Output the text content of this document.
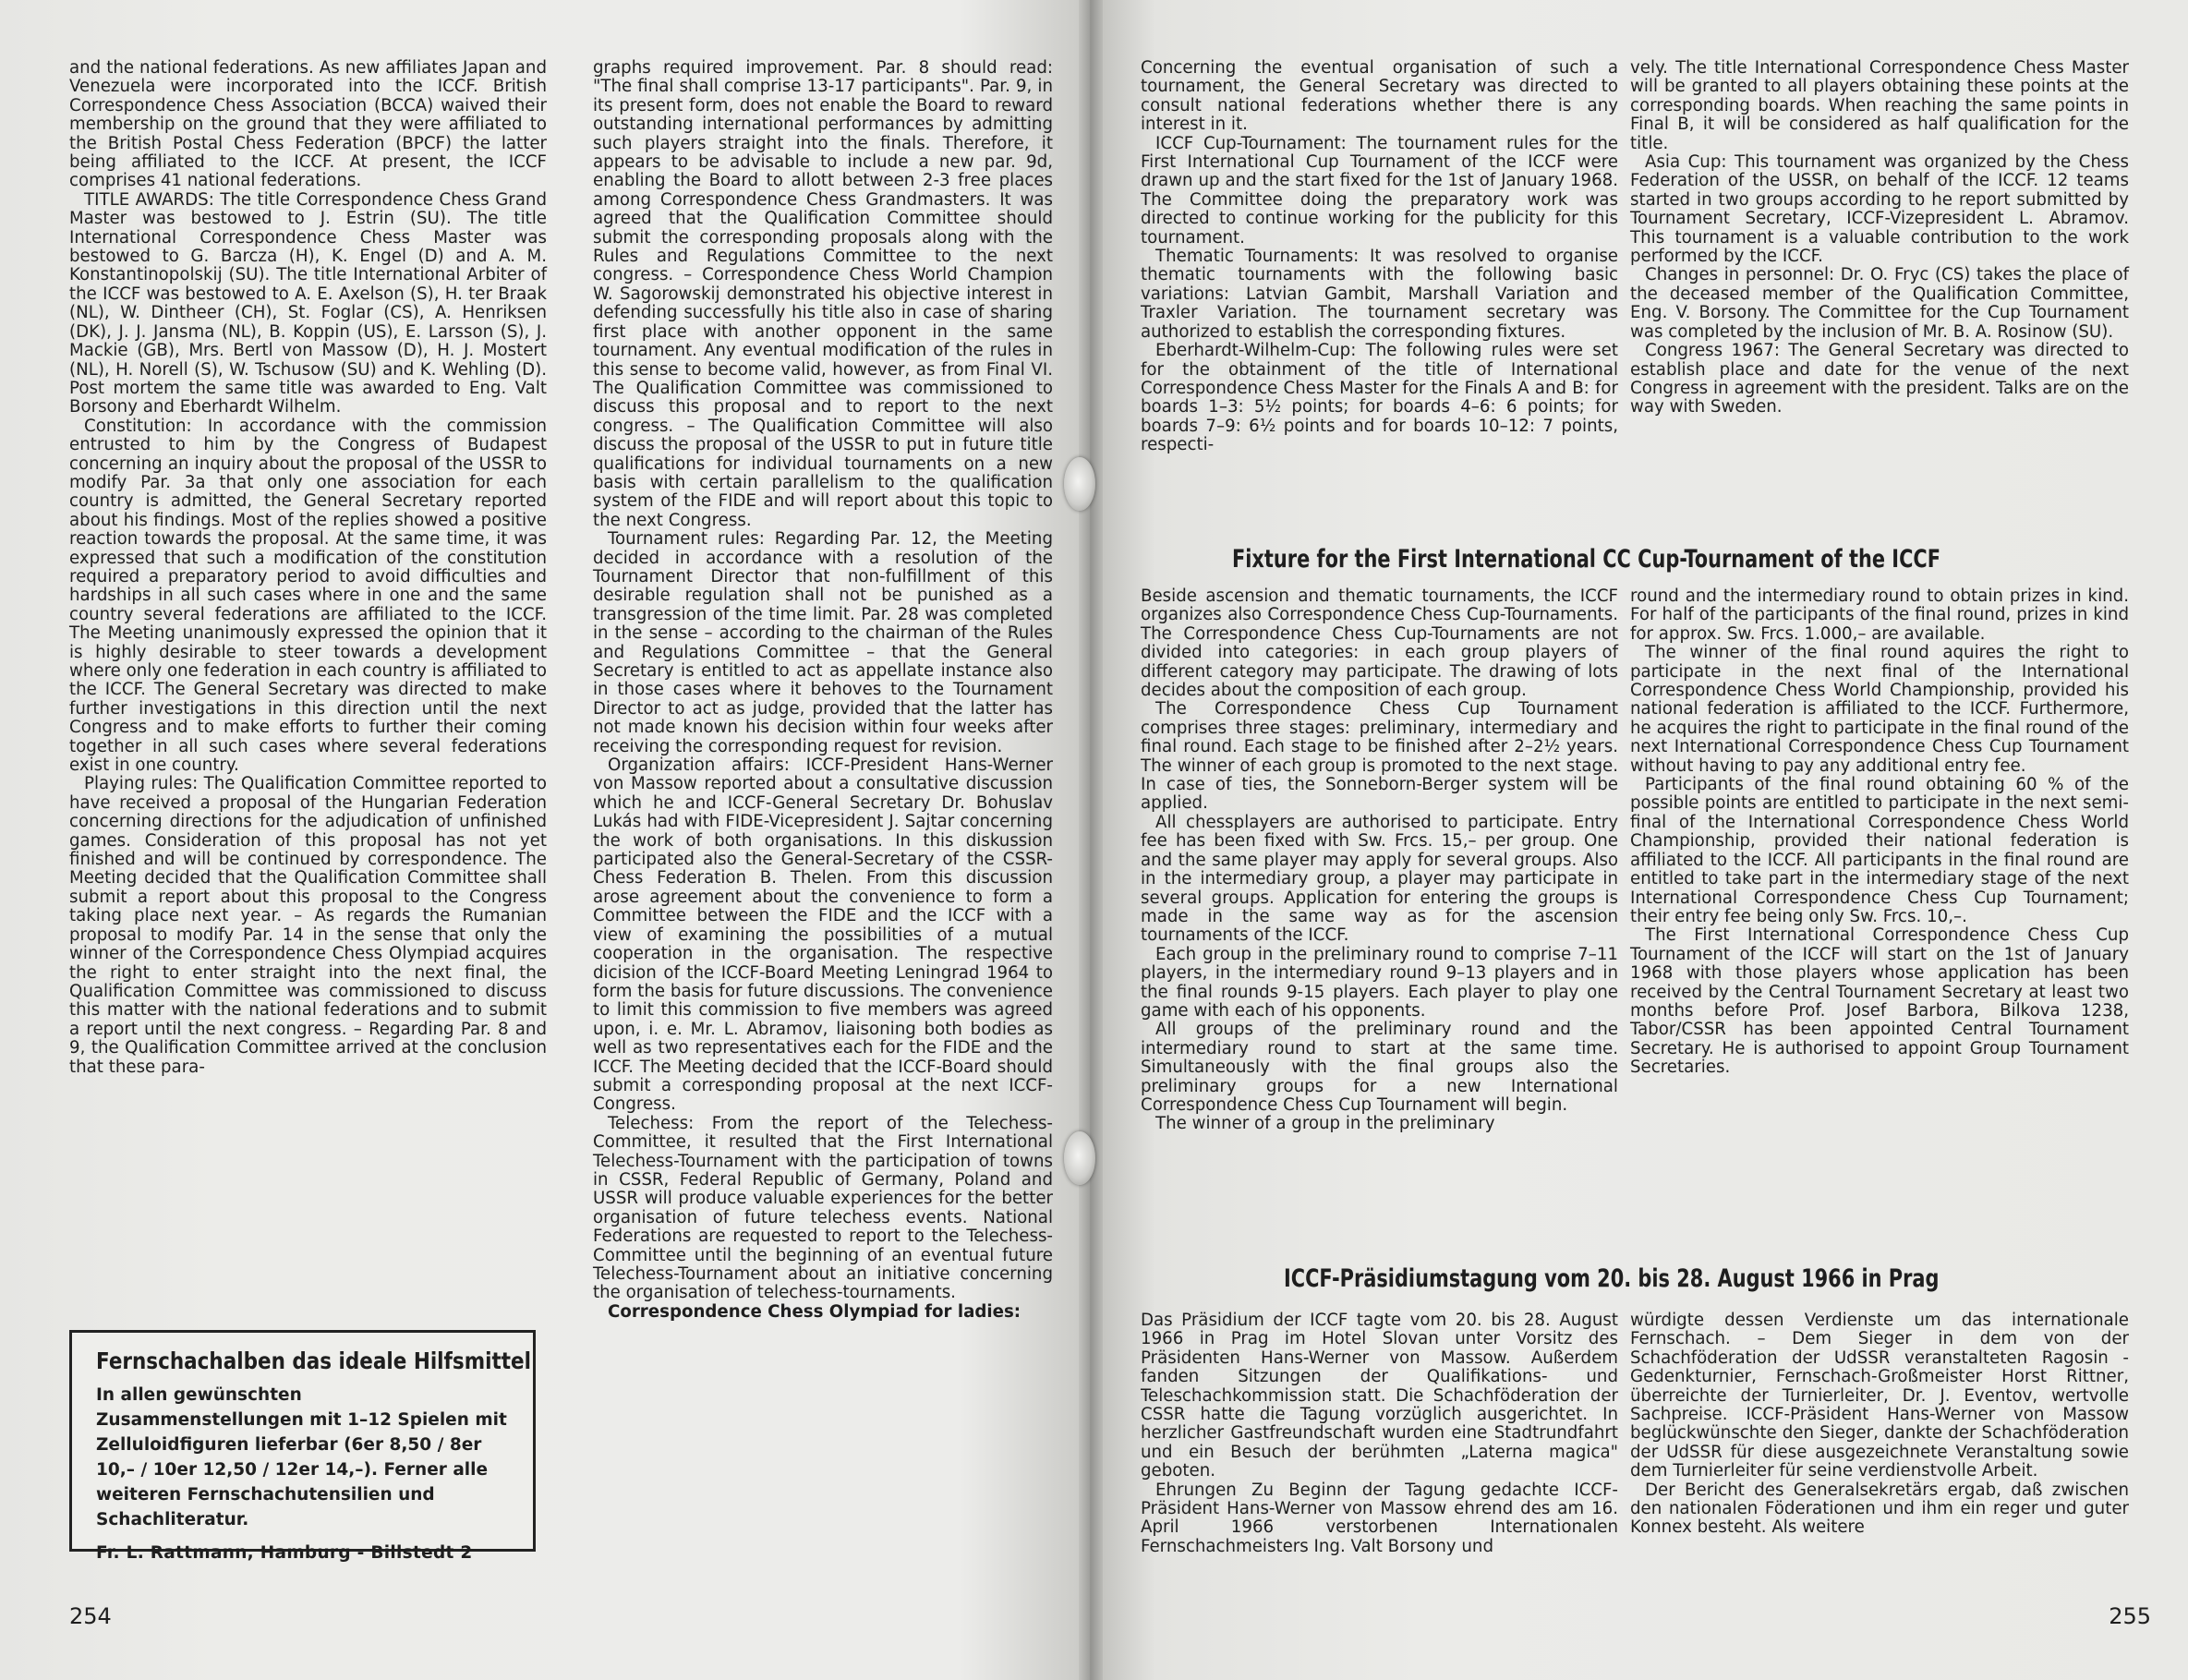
and the national federations. As new affiliates Japan and Venezuela were incorporated into the ICCF. British Correspondence Chess Association (BCCA) waived their membership on the ground that they were affiliated to the British Postal Chess Federation (BPCF) the latter being affiliated to the ICCF. At present, the ICCF comprises 41 national federations.

TITLE AWARDS: The title Correspondence Chess Grand Master was bestowed to J. Estrin (SU). The title International Correspondence Chess Master was bestowed to G. Barcza (H), K. Engel (D) and A. M. Konstantinopolskij (SU). The title International Arbiter of the ICCF was bestowed to A. E. Axelson (S), H. ter Braak (NL), W. Dintheer (CH), St. Foglar (CS), A. Henriksen (DK), J. J. Jansma (NL), B. Koppin (US), E. Larsson (S), J. Mackie (GB), Mrs. Bertl von Massow (D), H. J. Mostert (NL), H. Norell (S), W. Tschusow (SU) and K. Wehling (D). Post mortem the same title was awarded to Eng. Valt Borsony and Eberhardt Wilhelm.

Constitution: In accordance with the commission entrusted to him by the Congress of Budapest concerning an inquiry about the proposal of the USSR to modify Par. 3a that only one association for each country is admitted, the General Secretary reported about his findings. Most of the replies showed a positive reaction towards the proposal. At the same time, it was expressed that such a modification of the constitution required a preparatory period to avoid difficulties and hardships in all such cases where in one and the same country several federations are affiliated to the ICCF. The Meeting unanimously expressed the opinion that it is highly desirable to steer towards a development where only one federation in each country is affiliated to the ICCF. The General Secretary was directed to make further investigations in this direction until the next Congress and to make efforts to further their coming together in all such cases where several federations exist in one country.

Playing rules: The Qualification Committee reported to have received a proposal of the Hungarian Federation concerning directions for the adjudication of unfinished games. Consideration of this proposal has not yet finished and will be continued by correspondence. The Meeting decided that the Qualification Committee shall submit a report about this proposal to the Congress taking place next year. – As regards the Rumanian proposal to modify Par. 14 in the sense that only the winner of the Correspondence Chess Olympiad acquires the right to enter straight into the next final, the Qualification Committee was commissioned to discuss this matter with the national federations and to submit a report until the next congress. – Regarding Par. 8 and 9, the Qualification Committee arrived at the conclusion that these para-

graphs required improvement. Par. 8 should read: "The final shall comprise 13-17 participants". Par. 9, in its present form, does not enable the Board to reward outstanding international performances by admitting such players straight into the finals. Therefore, it appears to be advisable to include a new par. 9d, enabling the Board to allott between 2-3 free places among Correspondence Chess Grandmasters. It was agreed that the Qualification Committee should submit the corresponding proposals along with the Rules and Regulations Committee to the next congress. – Correspondence Chess World Champion W. Sagorowskij demonstrated his objective interest in defending successfully his title also in case of sharing first place with another opponent in the same tournament. Any eventual modification of the rules in this sense to become valid, however, as from Final VI. The Qualification Committee was commissioned to discuss this proposal and to report to the next congress. – The Qualification Committee will also discuss the proposal of the USSR to put in future title qualifications for individual tournaments on a new basis with certain parallelism to the qualification system of the FIDE and will report about this topic to the next Congress.

Tournament rules: Regarding Par. 12, the Meeting decided in accordance with a resolution of the Tournament Director that non-fulfillment of this desirable regulation shall not be punished as a transgression of the time limit. Par. 28 was completed in the sense – according to the chairman of the Rules and Regulations Committee – that the General Secretary is entitled to act as appellate instance also in those cases where it behoves to the Tournament Director to act as judge, provided that the latter has not made known his decision within four weeks after receiving the corresponding request for revision.

Organization affairs: ICCF-President Hans-Werner von Massow reported about a consultative discussion which he and ICCF-General Secretary Dr. Bohuslav Lukás had with FIDE-Vicepresident J. Sajtar concerning the work of both organisations. In this diskussion participated also the General-Secretary of the CSSR-Chess Federation B. Thelen. From this discussion arose agreement about the convenience to form a Committee between the FIDE and the ICCF with a view of examining the possibilities of a mutual cooperation in the organisation. The respective dicision of the ICCF-Board Meeting Leningrad 1964 to form the basis for future discussions. The convenience to limit this commission to five members was agreed upon, i. e. Mr. L. Abramov, liaisoning both bodies as well as two representatives each for the FIDE and the ICCF. The Meeting decided that the ICCF-Board should submit a corresponding proposal at the next ICCF-Congress.

Telechess: From the report of the Telechess-Committee, it resulted that the First International Telechess-Tournament with the participation of towns in CSSR, Federal Republic of Germany, Poland and USSR will produce valuable experiences for the better organisation of future telechess events. National Federations are requested to report to the Telechess-Committee until the beginning of an eventual future Telechess-Tournament about an initiative concerning the organisation of telechess-tournaments.

Correspondence Chess Olympiad for ladies:

Fernschachalben das ideale Hilfsmittel
In allen gewünschten Zusammenstellungen mit 1–12 Spielen mit Zelluloidfiguren lieferbar (6er 8,50 / 8er 10,– / 10er 12,50 / 12er 14,–). Ferner alle weiteren Fernschachutensilien und Schachliteratur.
Fr. L. Rattmann, Hamburg - Billstedt 2
254

Concerning the eventual organisation of such a tournament, the General Secretary was directed to consult national federations whether there is any interest in it.

ICCF Cup-Tournament: The tournament rules for the First International Cup Tournament of the ICCF were drawn up and the start fixed for the 1st of January 1968. The Committee doing the preparatory work was directed to continue working for the publicity for this tournament.

Thematic Tournaments: It was resolved to organise thematic tournaments with the following basic variations: Latvian Gambit, Marshall Variation and Traxler Variation. The tournament secretary was authorized to establish the corresponding fixtures.

Eberhardt-Wilhelm-Cup: The following rules were set for the obtainment of the title of International Correspondence Chess Master for the Finals A and B: for boards 1–3: 5½ points; for boards 4–6: 6 points; for boards 7–9: 6½ points and for boards 10–12: 7 points, respecti-

vely. The title International Correspondence Chess Master will be granted to all players obtaining these points at the corresponding boards. When reaching the same points in Final B, it will be considered as half qualification for the title.

Asia Cup: This tournament was organized by the Chess Federation of the USSR, on behalf of the ICCF. 12 teams started in two groups according to he report submitted by Tournament Secretary, ICCF-Vizepresident L. Abramov. This tournament is a valuable contribution to the work performed by the ICCF.

Changes in personnel: Dr. O. Fryc (CS) takes the place of the deceased member of the Qualification Committee, Eng. V. Borsony. The Committee for the Cup Tournament was completed by the inclusion of Mr. B. A. Rosinow (SU).

Congress 1967: The General Secretary was directed to establish place and date for the venue of the next Congress in agreement with the president. Talks are on the way with Sweden.

Fixture for the First International CC Cup-Tournament of the ICCF

Beside ascension and thematic tournaments, the ICCF organizes also Correspondence Chess Cup-Tournaments. The Correspondence Chess Cup-Tournaments are not divided into categories: in each group players of different category may participate. The drawing of lots decides about the composition of each group.

The Correspondence Chess Cup Tournament comprises three stages: preliminary, intermediary and final round. Each stage to be finished after 2–2½ years. The winner of each group is promoted to the next stage. In case of ties, the Sonneborn-Berger system will be applied.

All chessplayers are authorised to participate. Entry fee has been fixed with Sw. Frcs. 15,– per group. One and the same player may apply for several groups. Also in the intermediary group, a player may participate in several groups. Application for entering the groups is made in the same way as for the ascension tournaments of the ICCF.

Each group in the preliminary round to comprise 7–11 players, in the intermediary round 9–13 players and in the final rounds 9-15 players. Each player to play one game with each of his opponents.

All groups of the preliminary round and the intermediary round to start at the same time. Simultaneously with the final groups also the preliminary groups for a new International Correspondence Chess Cup Tournament will begin.

The winner of a group in the preliminary

round and the intermediary round to obtain prizes in kind. For half of the participants of the final round, prizes in kind for approx. Sw. Frcs. 1.000,– are available.

The winner of the final round aquires the right to participate in the next final of the International Correspondence Chess World Championship, provided his national federation is affiliated to the ICCF. Furthermore, he acquires the right to participate in the final round of the next International Correspondence Chess Cup Tournament without having to pay any additional entry fee.

Participants of the final round obtaining 60 % of the possible points are entitled to participate in the next semi-final of the International Correspondence Chess World Championship, provided their national federation is affiliated to the ICCF. All participants in the final round are entitled to take part in the intermediary stage of the next International Correspondence Chess Cup Tournament; their entry fee being only Sw. Frcs. 10,–.

The First International Correspondence Chess Cup Tournament of the ICCF will start on the 1st of January 1968 with those players whose application has been received by the Central Tournament Secretary at least two months before Prof. Josef Barbora, Bilkova 1238, Tabor/CSSR has been appointed Central Tournament Secretary. He is authorised to appoint Group Tournament Secretaries.

ICCF-Präsidiumstagung vom 20. bis 28. August 1966 in Prag

Das Präsidium der ICCF tagte vom 20. bis 28. August 1966 in Prag im Hotel Slovan unter Vorsitz des Präsidenten Hans-Werner von Massow. Außerdem fanden Sitzungen der Qualifikations- und Teleschachkommission statt. Die Schachföderation der CSSR hatte die Tagung vorzüglich ausgerichtet. In herzlicher Gastfreundschaft wurden eine Stadtrundfahrt und ein Besuch der berühmten „Laterna magica" geboten.

Ehrungen Zu Beginn der Tagung gedachte ICCF-Präsident Hans-Werner von Massow ehrend des am 16. April 1966 verstorbenen Internationalen Fernschachmeisters Ing. Valt Borsony und

würdigte dessen Verdienste um das internationale Fernschach. – Dem Sieger in dem von der Schachföderation der UdSSR veranstalteten Ragosin - Gedenkturnier, Fernschach-Großmeister Horst Rittner, überreichte der Turnierleiter, Dr. J. Eventov, wertvolle Sachpreise. ICCF-Präsident Hans-Werner von Massow beglückwünschte den Sieger, dankte der Schachföderation der UdSSR für diese ausgezeichnete Veranstaltung sowie dem Turnierleiter für seine verdienstvolle Arbeit.

Der Bericht des Generalsekretärs ergab, daß zwischen den nationalen Föderationen und ihm ein reger und guter Konnex besteht. Als weitere

255
